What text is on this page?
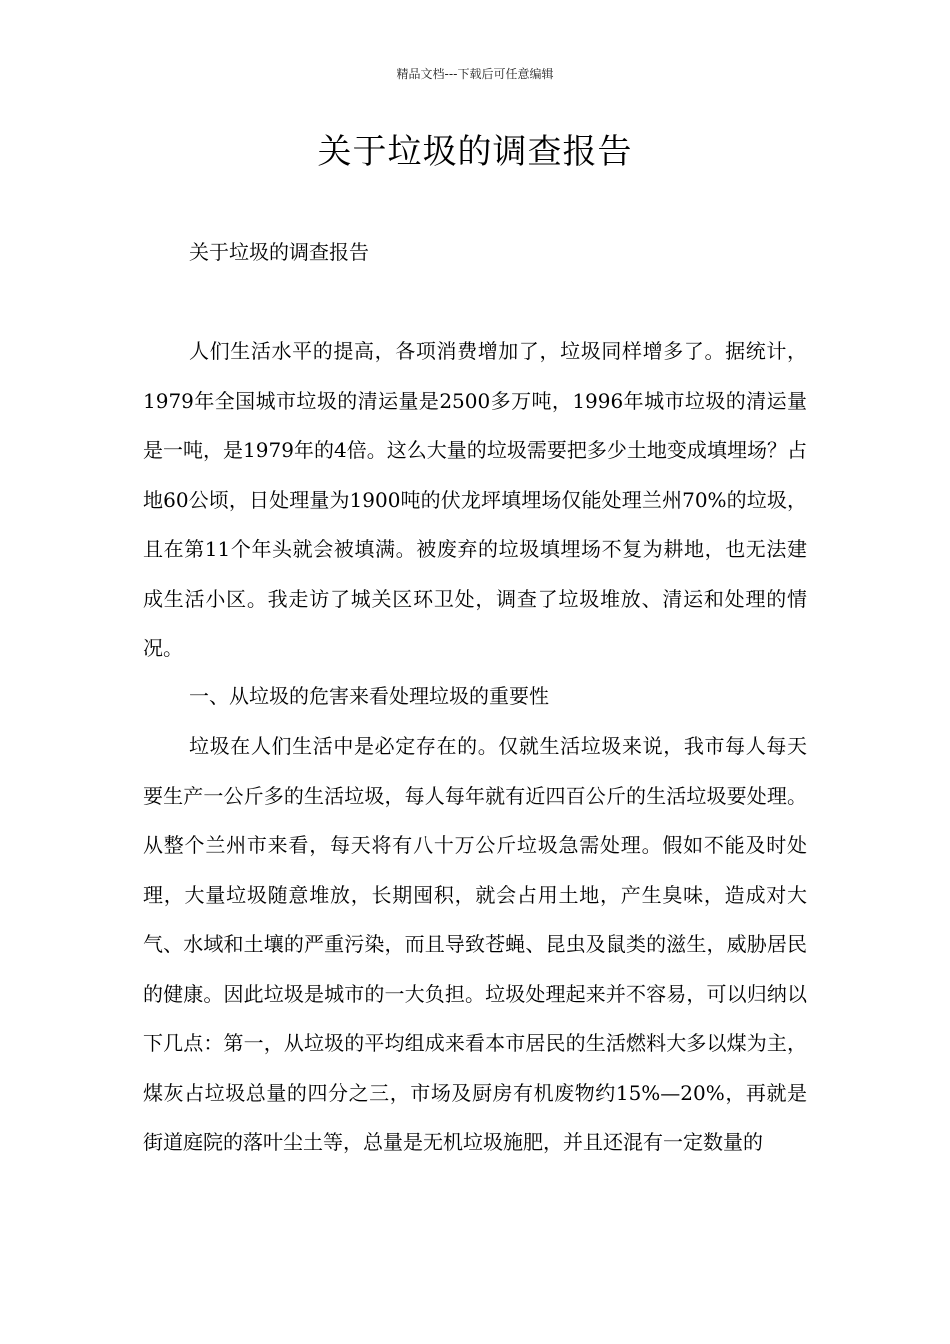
精品文档---下载后可任意编辑
关于垃圾的调查报告

关于垃圾的调查报告

人们生活水平的提高，各项消费增加了，垃圾同样增多了。据统计，1979年全国城市垃圾的清运量是2500多万吨，1996年城市垃圾的清运量是一吨，是1979年的4倍。这么大量的垃圾需要把多少土地变成填埋场？占地60公顷，日处理量为1900吨的伏龙坪填埋场仅能处理兰州70%的垃圾，且在第11个年头就会被填满。被废弃的垃圾填埋场不复为耕地，也无法建成生活小区。我走访了城关区环卫处，调查了垃圾堆放、清运和处理的情况。

一、从垃圾的危害来看处理垃圾的重要性

垃圾在人们生活中是必定存在的。仅就生活垃圾来说，我市每人每天要生产一公斤多的生活垃圾，每人每年就有近四百公斤的生活垃圾要处理。从整个兰州市来看，每天将有八十万公斤垃圾急需处理。假如不能及时处理，大量垃圾随意堆放，长期囤积，就会占用土地，产生臭味，造成对大气、水域和土壤的严重污染，而且导致苍蝇、昆虫及鼠类的滋生，威胁居民的健康。因此垃圾是城市的一大负担。垃圾处理起来并不容易，可以归纳以下几点：第一，从垃圾的平均组成来看本市居民的生活燃料大多以煤为主，煤灰占垃圾总量的四分之三，市场及厨房有机废物约15%—20%，再就是街道庭院的落叶尘土等，总量是无机垃圾施肥，并且还混有一定数量的
